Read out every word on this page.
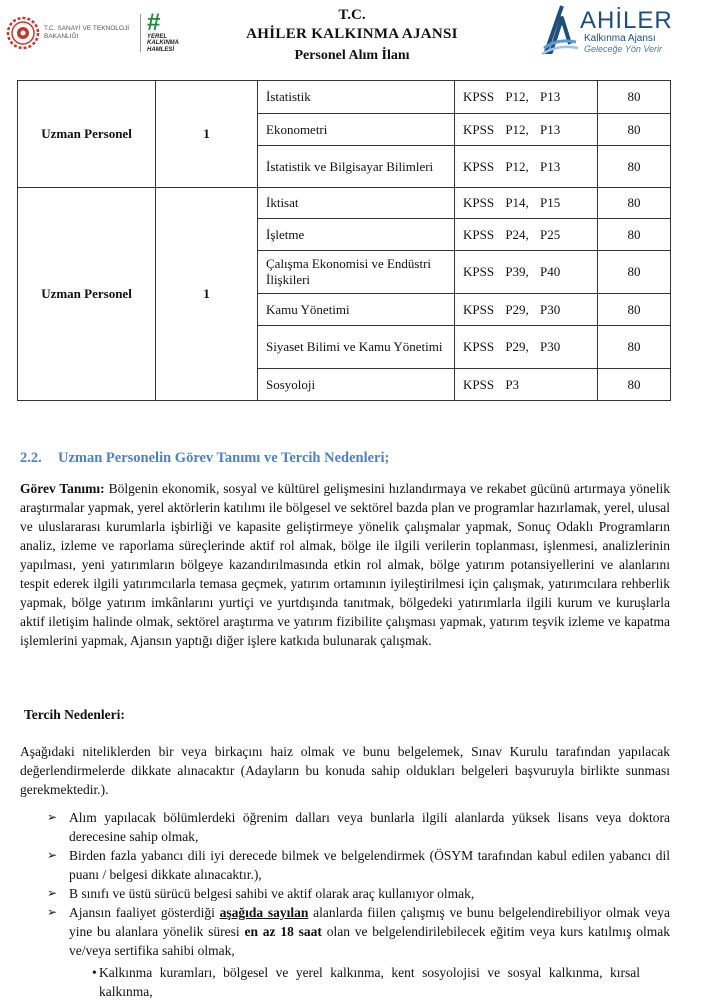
T.C. SANAYİ VE TEKNOLOJİ BAKANLIĞI
#
YEREL KALKINMA HAMLESİ
T.C.
AHİLER KALKINMA AJANSI
Personel Alım İlanı
AHİLER
Kalkınma Ajansı
Geleceğe Yön Verir
Uzman Personel	1	İstatistik	KPSS P12, P13	80
		Ekonometri	KPSS P12, P13	80
		İstatistik ve Bilgisayar Bilimleri	KPSS P12, P13	80
Uzman Personel	1	İktisat	KPSS P14, P15	80
		İşletme	KPSS P24, P25	80
		Çalışma Ekonomisi ve Endüstri İlişkileri	KPSS P39, P40	80
		Kamu Yönetimi	KPSS P29, P30	80
		Siyaset Bilimi ve Kamu Yönetimi	KPSS P29, P30	80
		Sosyoloji	KPSS P3	80
2.2. Uzman Personelin Görev Tanımı ve Tercih Nedenleri;

Görev Tanımı: Bölgenin ekonomik, sosyal ve kültürel gelişmesini hızlandırmaya ve rekabet gücünü artırmaya yönelik araştırmalar yapmak, yerel aktörlerin katılımı ile bölgesel ve sektörel bazda plan ve programlar hazırlamak, yerel, ulusal ve uluslararası kurumlarla işbirliği ve kapasite geliştirmeye yönelik çalışmalar yapmak, Sonuç Odaklı Programların analiz, izleme ve raporlama süreçlerinde aktif rol almak, bölge ile ilgili verilerin toplanması, işlenmesi, analizlerinin yapılması, yeni yatırımların bölgeye kazandırılmasında etkin rol almak, bölge yatırım potansiyellerini ve alanlarını tespit ederek ilgili yatırımcılarla temasa geçmek, yatırım ortamının iyileştirilmesi için çalışmak, yatırımcılara rehberlik yapmak, bölge yatırım imkânlarını yurtiçi ve yurtdışında tanıtmak, bölgedeki yatırımlarla ilgili kurum ve kuruşlarla aktif iletişim halinde olmak, sektörel araştırma ve yatırım fizibilite çalışması yapmak, yatırım teşvik izleme ve kapatma işlemlerini yapmak, Ajansın yaptığı diğer işlere katkıda bulunarak çalışmak.

Tercih Nedenleri:

Aşağıdaki niteliklerden bir veya birkaçını haiz olmak ve bunu belgelemek, Sınav Kurulu tarafından yapılacak değerlendirmelerde dikkate alınacaktır (Adayların bu konuda sahip oldukları belgeleri başvuruyla birlikte sunması gerekmektedir.).

➢ Alım yapılacak bölümlerdeki öğrenim dalları veya bunlarla ilgili alanlarda yüksek lisans veya doktora derecesine sahip olmak,
➢ Birden fazla yabancı dili iyi derecede bilmek ve belgelendirmek (ÖSYM tarafından kabul edilen yabancı dil puanı / belgesi dikkate alınacaktır.),
➢ B sınıfı ve üstü sürücü belgesi sahibi ve aktif olarak araç kullanıyor olmak,
➢ Ajansın faaliyet gösterdiği aşağıda sayılan alanlarda fiilen çalışmış ve bunu belgelendirebiliyor olmak veya yine bu alanlara yönelik süresi en az 18 saat olan ve belgelendirilebilecek eğitim veya kurs katılmış olmak ve/veya sertifika sahibi olmak,
• Kalkınma kuramları, bölgesel ve yerel kalkınma, kent sosyolojisi ve sosyal kalkınma, kırsal kalkınma,
